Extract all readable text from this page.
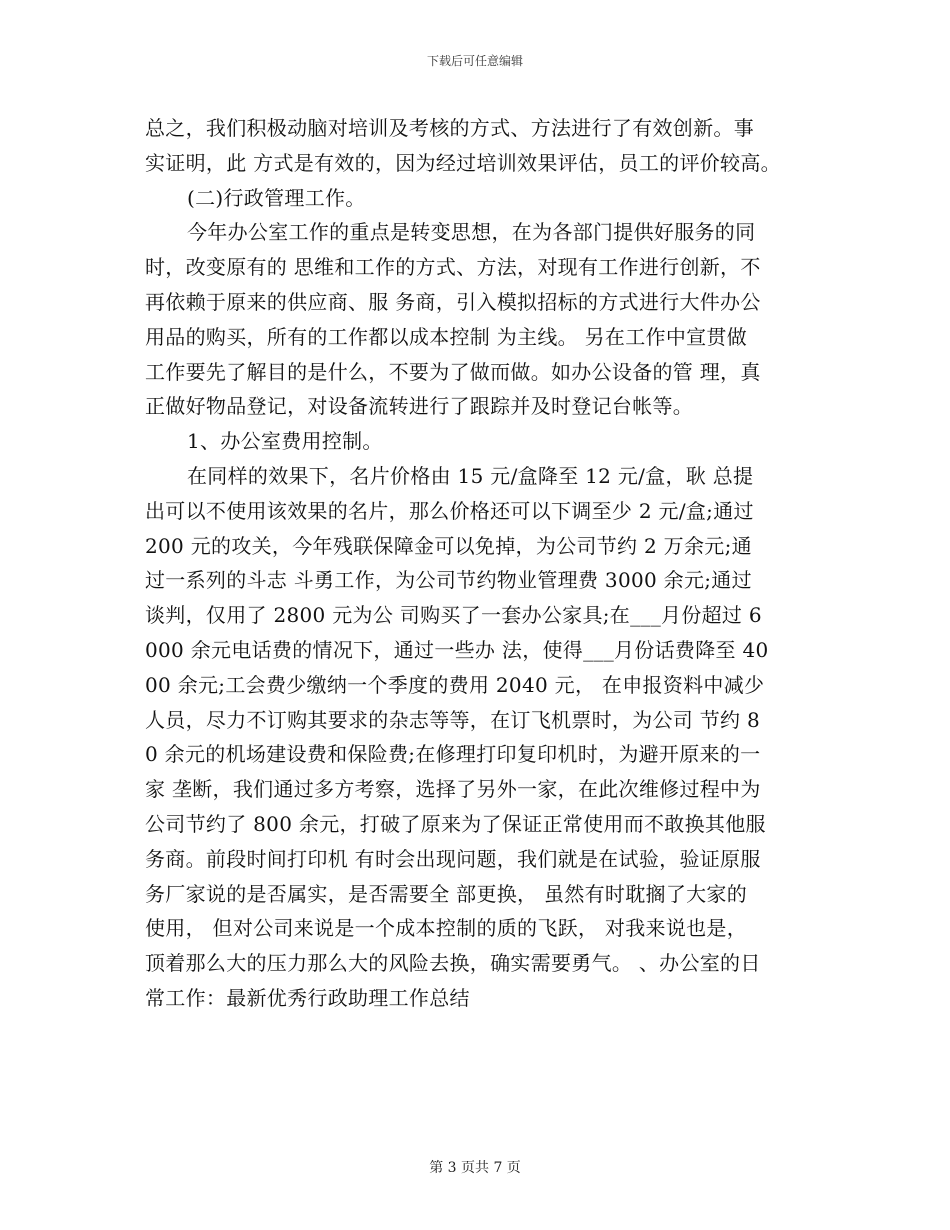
下载后可任意编辑
总之，我们积极动脑对培训及考核的方式、方法进行了有效创新。事
实证明，此 方式是有效的，因为经过培训效果评估，员工的评价较高。
(二)行政管理工作。
今年办公室工作的重点是转变思想，在为各部门提供好服务的同
时，改变原有的 思维和工作的方式、方法，对现有工作进行创新，不
再依赖于原来的供应商、服 务商，引入模拟招标的方式进行大件办公
用品的购买，所有的工作都以成本控制 为主线。 另在工作中宣贯做
工作要先了解目的是什么，不要为了做而做。如办公设备的管 理，真
正做好物品登记，对设备流转进行了跟踪并及时登记台帐等。
1、办公室费用控制。
在同样的效果下，名片价格由 15 元/盒降至 12 元/盒，耿 总提
出可以不使用该效果的名片，那么价格还可以下调至少 2 元/盒;通过
200 元的攻关，今年残联保障金可以免掉，为公司节约 2 万余元;通
过一系列的斗志 斗勇工作，为公司节约物业管理费 3000 余元;通过
谈判，仅用了 2800 元为公 司购买了一套办公家具;在___月份超过 6
000 余元电话费的情况下，通过一些办 法，使得___月份话费降至 40
00 余元;工会费少缴纳一个季度的费用 2040 元， 在申报资料中减少
人员，尽力不订购其要求的杂志等等，在订飞机票时，为公司 节约 8
0 余元的机场建设费和保险费;在修理打印复印机时，为避开原来的一
家 垄断，我们通过多方考察，选择了另外一家，在此次维修过程中为
公司节约了 800 余元，打破了原来为了保证正常使用而不敢换其他服
务商。前段时间打印机 有时会出现问题，我们就是在试验，验证原服
务厂家说的是否属实，是否需要全 部更换， 虽然有时耽搁了大家的
使用， 但对公司来说是一个成本控制的质的飞跃， 对我来说也是，
顶着那么大的压力那么大的风险去换，确实需要勇气。 、办公室的日
常工作：最新优秀行政助理工作总结
第 3 页共 7 页
